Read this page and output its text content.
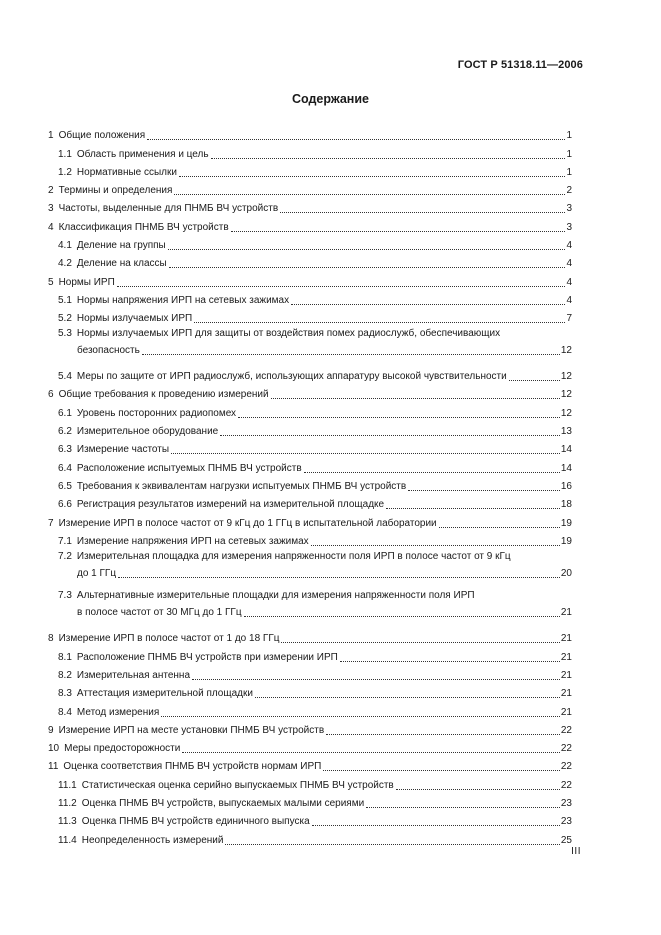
ГОСТ Р 51318.11—2006
Содержание
1 Общие положения	1
1.1 Область применения и цель	1
1.2 Нормативные ссылки	1
2 Термины и определения	2
3 Частоты, выделенные для ПНМБ ВЧ устройств	3
4 Классификация ПНМБ ВЧ устройств	3
4.1 Деление на группы	4
4.2 Деление на классы	4
5 Нормы ИРП	4
5.1 Нормы напряжения ИРП на сетевых зажимах	4
5.2 Нормы излучаемых ИРП	7
5.3 Нормы излучаемых ИРП для защиты от воздействия помех радиослужб, обеспечивающих
безопасность	12
5.4 Меры по защите от ИРП радиослужб, использующих аппаратуру высокой чувствительности	12
6 Общие требования к проведению измерений	12
6.1 Уровень посторонних радиопомех	12
6.2 Измерительное оборудование	13
6.3 Измерение частоты	14
6.4 Расположение испытуемых ПНМБ ВЧ устройств	14
6.5 Требования к эквивалентам нагрузки испытуемых ПНМБ ВЧ устройств	16
6.6 Регистрация результатов измерений на измерительной площадке	18
7 Измерение ИРП в полосе частот от 9 кГц до 1 ГГц в испытательной лаборатории	19
7.1 Измерение напряжения ИРП на сетевых зажимах	19
7.2 Измерительная площадка для измерения напряженности поля ИРП в полосе частот от 9 кГц
до 1 ГГц	20
7.3 Альтернативные измерительные площадки для измерения напряженности поля ИРП
в полосе частот от 30 МГц до 1 ГГц	21
8 Измерение ИРП в полосе частот от 1 до 18 ГГц	21
8.1 Расположение ПНМБ ВЧ устройств при измерении ИРП	21
8.2 Измерительная антенна	21
8.3 Аттестация измерительной площадки	21
8.4 Метод измерения	21
9 Измерение ИРП на месте установки ПНМБ ВЧ устройств	22
10 Меры предосторожности	22
11 Оценка соответствия ПНМБ ВЧ устройств нормам ИРП	22
11.1 Статистическая оценка серийно выпускаемых ПНМБ ВЧ устройств	22
11.2 Оценка ПНМБ ВЧ устройств, выпускаемых малыми сериями	23
11.3 Оценка ПНМБ ВЧ устройств единичного выпуска	23
11.4 Неопределенность измерений	25
III
